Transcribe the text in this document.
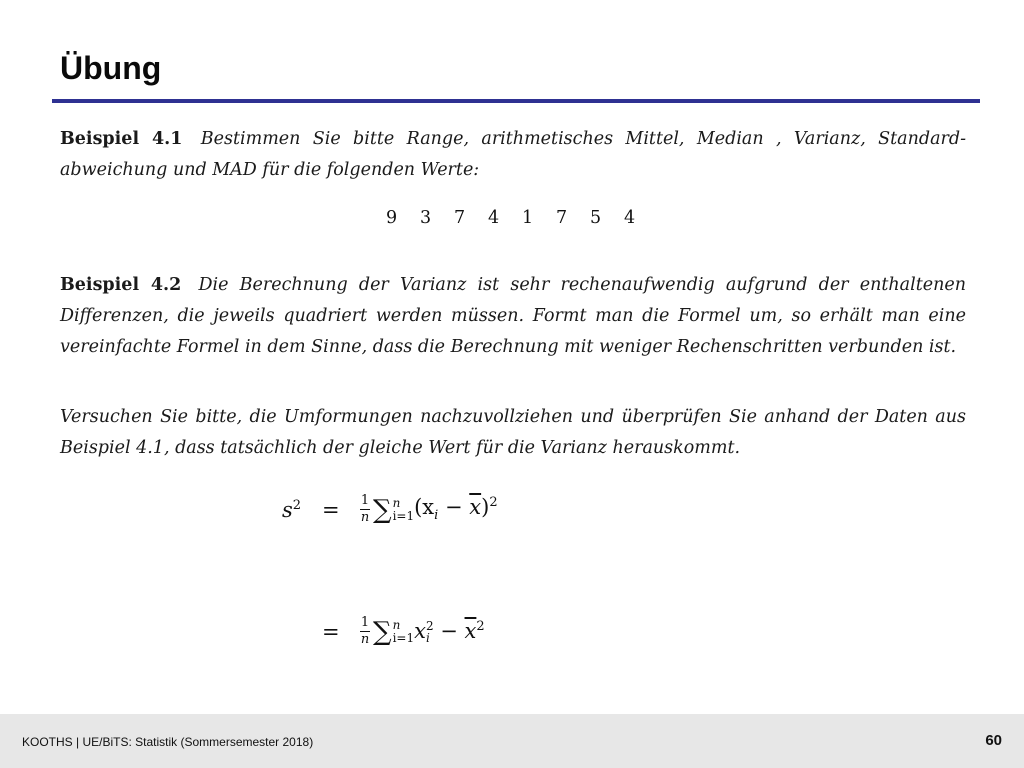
Übung

Beispiel 4.1 Bestimmen Sie bitte Range, arithmetisches Mittel, Median , Varianz, Standard-abweichung und MAD für die folgenden Werte:

9	3	7	4	1	7	5	4

Beispiel 4.2 Die Berechnung der Varianz ist sehr rechenaufwendig aufgrund der enthaltenen Differenzen, die jeweils quadriert werden müssen. Formt man die Formel um, so erhält man eine vereinfachte Formel in dem Sinne, dass die Berechnung mit weniger Rechenschritten verbunden ist.

Versuchen Sie bitte, die Umformungen nachzuvollziehen und überprüfen Sie anhand der Daten aus Beispiel 4.1, dass tatsächlich der gleiche Wert für die Varianz herauskommt.

$s^2 = \frac{1}{n}$ ∑ n
i=1 $(x_i - \overline{x})^2$
= $\frac{1}{n}$ ∑ n
i=1 x 2
$i - \overline{x}^2$
KOOTHS | UE/BiTS: Statistik (Sommersemester 2018)	60
